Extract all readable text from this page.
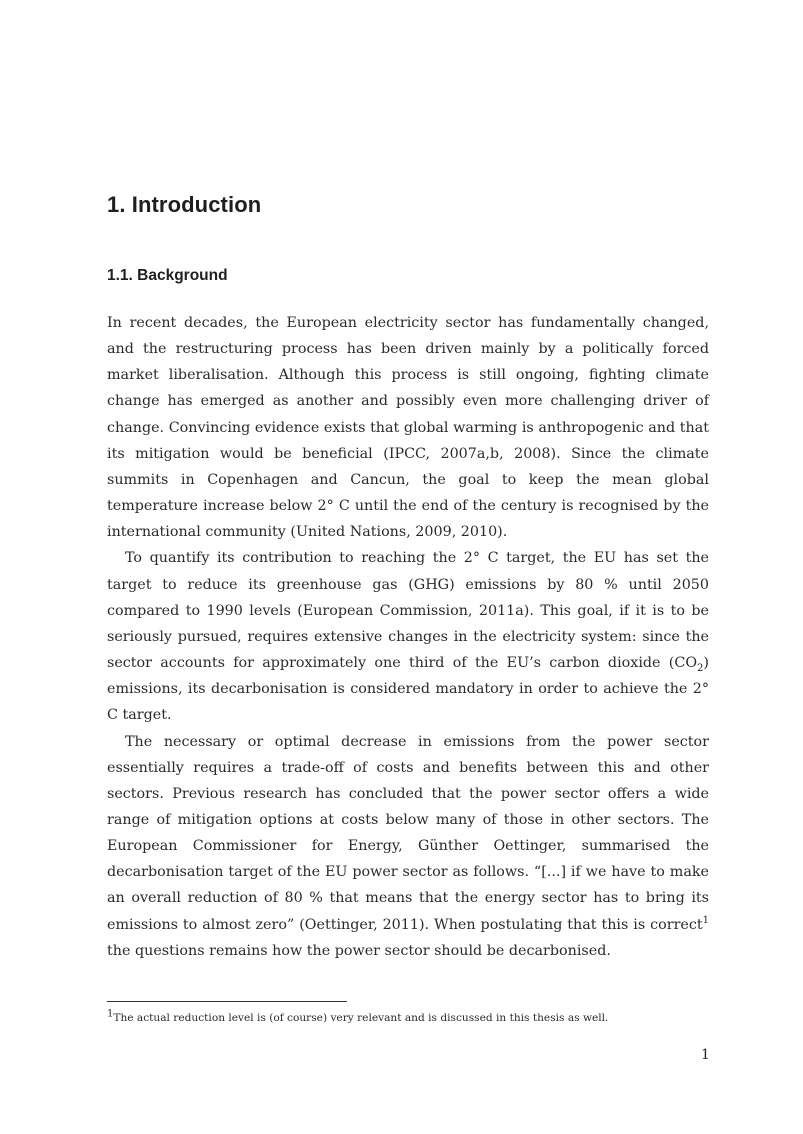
1. Introduction
1.1. Background

In recent decades, the European electricity sector has fundamentally changed, and the restructuring process has been driven mainly by a politically forced market liberalisation. Although this process is still ongoing, fighting climate change has emerged as another and possibly even more challenging driver of change. Convincing evidence exists that global warming is anthropogenic and that its mitigation would be beneficial (IPCC, 2007a,b, 2008). Since the climate summits in Copenhagen and Cancun, the goal to keep the mean global temperature increase below 2° C until the end of the century is recognised by the international community (United Nations, 2009, 2010).

To quantify its contribution to reaching the 2° C target, the EU has set the target to reduce its greenhouse gas (GHG) emissions by 80 % until 2050 compared to 1990 levels (European Commission, 2011a). This goal, if it is to be seriously pursued, requires extensive changes in the electricity system: since the sector accounts for approximately one third of the EU’s carbon dioxide $(CO_2)$ emissions, its decarbonisation is considered mandatory in order to achieve the 2° C target.

The necessary or optimal decrease in emissions from the power sector essentially requires a trade-off of costs and benefits between this and other sectors. Previous research has concluded that the power sector offers a wide range of mitigation options at costs below many of those in other sectors. The European Commissioner for Energy, Günther Oettinger, summarised the decarbonisation target of the EU power sector as follows. “[...] if we have to make an overall reduction of 80 % that means that the energy sector has to bring its emissions to almost zero” (Oettinger, 2011). When postulating that this is correct$^1$ the questions remains how the power sector should be decarbonised.

$^1$The actual reduction level is (of course) very relevant and is discussed in this thesis as well.
1
